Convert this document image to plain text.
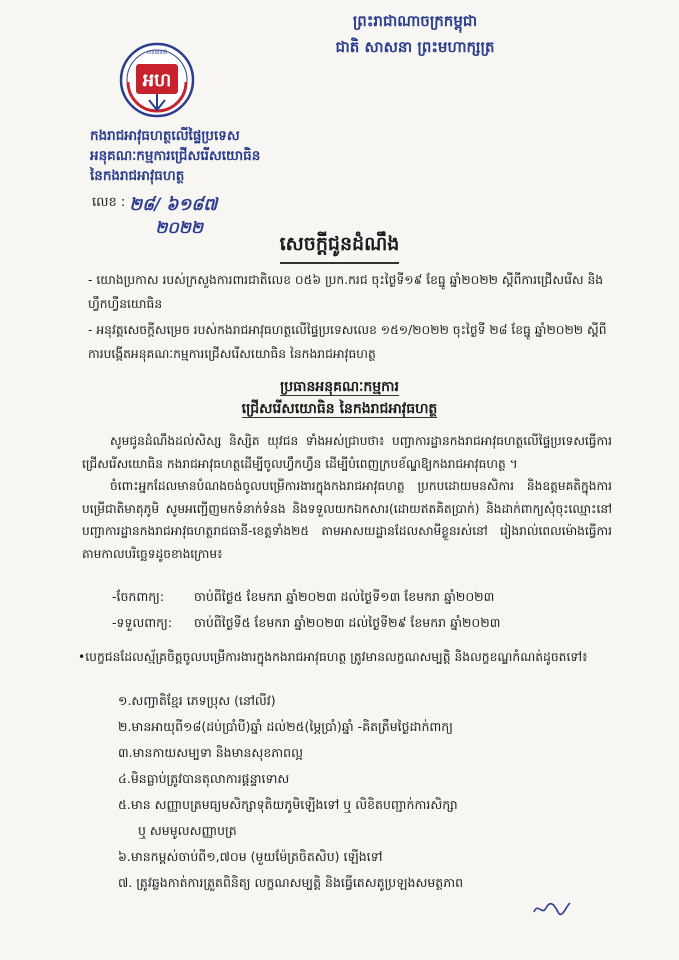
ព្រះរាជាណាចក្រកម្ពុជា
ជាតិ សាសនា ព្រះមហាក្សត្រ
អហ
ភាពជាជាតិ
កងរាជអាវុធហត្ថលើផ្ទៃប្រទេស
អនុគណៈកម្មការជ្រើសរើសយោធិន
នៃកងរាជអាវុធហត្ថ
លេខ : ២៨/ ៦១៨៧
២០២២
សេចក្តីជូនដំណឹង

- យោងប្រកាស របស់ក្រសួងការពារជាតិលេខ ០៥៦ ប្រក.ករជ ចុះថ្ងៃទី១៩ ខែធ្នូ ឆ្នាំ២០២២ ស្តីពីការជ្រើសរើស និងហ្វឹកហ្វឺនយោធិន

- អនុវត្តសេចក្តីសម្រេច របស់កងរាជអាវុធហត្ថលើផ្ទៃប្រទេសលេខ ១៥១/២០២២ ចុះថ្ងៃទី ២៨ ខែធ្នូ ឆ្នាំ២០២២ ស្តីពីការបង្កើតអនុគណៈកម្មការជ្រើសរើសយោធិន នៃកងរាជអាវុធហត្ថ

ប្រធានអនុគណៈកម្មការ
ជ្រើសរើសយោធិន នៃកងរាជអាវុធហត្ថ

សូមជូនដំណឹងដល់សិស្ស និស្សិត យុវជន ទាំងអស់ជ្រាបថា៖ បញ្ជាការដ្ឋានកងរាជអាវុធហត្ថលើផ្ទៃប្រទេសធ្វើការជ្រើសរើសយោធិន កងរាជអាវុធហត្ថដើម្បីចូលហ្វឹកហ្វឺន ដើម្បីបំពេញក្របខ័ណ្ឌឱ្យកងរាជអាវុធហត្ថ ។

ចំពោះអ្នកដែលមានបំណងចង់ចូលបម្រើការងារក្នុងកងរាជអាវុធហត្ថ ប្រកបដោយមនសិការ និងឧត្តមគតិក្នុងការបម្រើជាតិមាតុភូមិ សូមអញ្ជើញមកទំនាក់ទំនង និងទទួលយកឯកសារ(ដោយឥតគិតប្រាក់) និងដាក់ពាក្យសុំចុះឈ្មោះនៅបញ្ជាការដ្ឋានកងរាជអាវុធហត្ថរាជធានី-ខេត្តទាំង២៥ តាមអាសយដ្ឋានដែលសាមីខ្លួនរស់នៅ រៀងរាល់ពេលម៉ោងធ្វើការ តាមកាលបរិច្ឆេទដូចខាងក្រោម៖

-ចែកពាក្យ:	ចាប់ពីថ្ងៃ៥ ខែមករា ឆ្នាំ២០២៣ ដល់ថ្ងៃទី១៣ ខែមករា ឆ្នាំ២០២៣
-ទទួលពាក្យ:	ចាប់ពីថ្ងៃទី៥ ខែមករា ឆ្នាំ២០២៣ ដល់ថ្ងៃទី២៩ ខែមករា ឆ្នាំ២០២៣
•បេក្ខជនដែលស្ម័គ្រចិត្តចូលបម្រើការងារក្នុងកងរាជអាវុធហត្ថ ត្រូវមានលក្ខណសម្បត្តិ និងលក្ខខណ្ឌកំណត់ដូចតទៅ៖

១.សញ្ជាតិខ្មែរ ភេទប្រុស (នៅលីវ)

២.មានអាយុពី១៨(ដប់ប្រាំបី)ឆ្នាំ ដល់២៥(ម្ភៃប្រាំ)ឆ្នាំ -គិតត្រឹមថ្ងៃដាក់ពាក្យ

៣.មានកាយសម្បទា និងមានសុខភាពល្អ

៤.មិនធ្លាប់ត្រូវបានតុលាការផ្តន្ទាទោស

៥.មាន សញ្ញាបត្រមធ្យមសិក្សាទុតិយភូមិឡើងទៅ ឬ លិខិតបញ្ជាក់ការសិក្សា

ឬ សមមូលសញ្ញាបត្រ

៦.មានកម្ពស់ចាប់ពី១,៧០ម (មួយម៉ែត្រចិតសិប) ឡើងទៅ

៧. ត្រូវឆ្លងកាត់ការត្រួតពិនិត្យ លក្ខណសម្បត្តិ និងធ្វើតេសតូប្រឡងសមត្ថភាព
